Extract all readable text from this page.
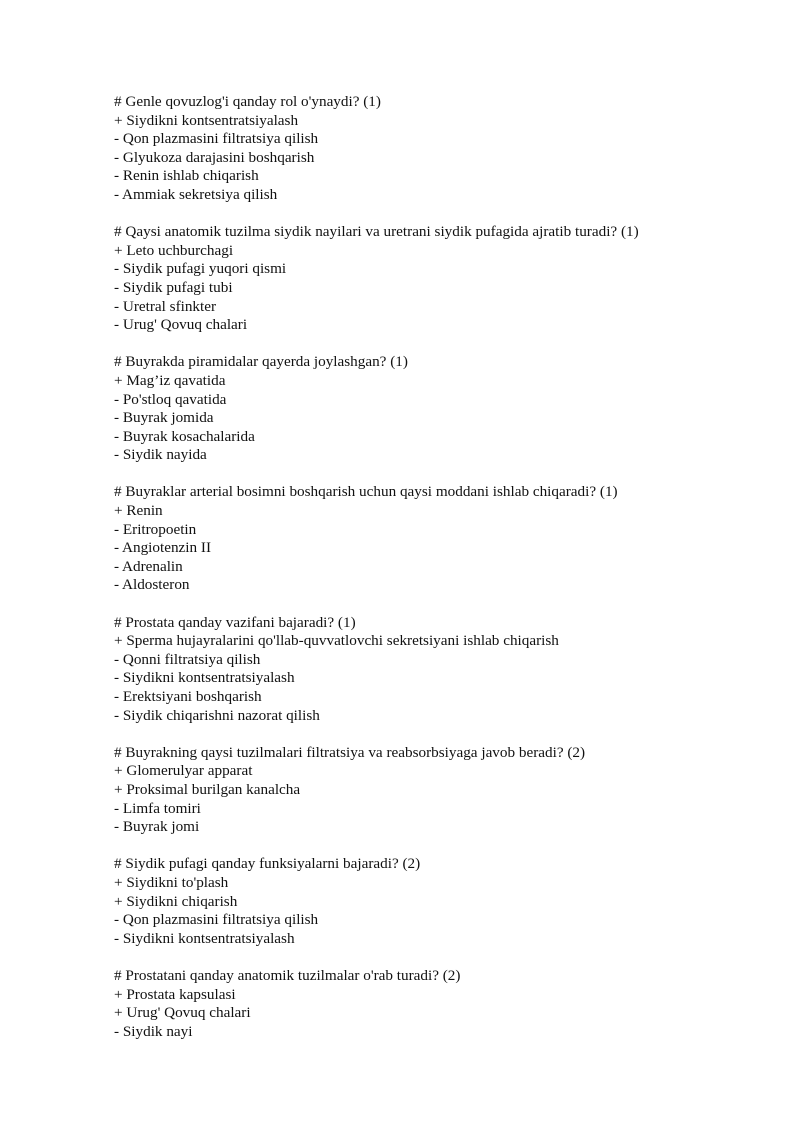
# Genle qovuzlog'i qanday rol o'ynaydi? (1)
+ Siydikni kontsentratsiyalash
- Qon plazmasini filtratsiya qilish
- Glyukoza darajasini boshqarish
- Renin ishlab chiqarish
- Ammiak sekretsiya qilish
# Qaysi anatomik tuzilma siydik nayilari va uretrani siydik pufagida ajratib turadi? (1)
+ Leto uchburchagi
- Siydik pufagi yuqori qismi
- Siydik pufagi tubi
- Uretral sfinkter
- Urug' Qovuq chalari
# Buyrakda piramidalar qayerda joylashgan? (1)
+ Mag’iz qavatida
- Po'stloq qavatida
- Buyrak jomida
- Buyrak kosachalarida
- Siydik nayida
# Buyraklar arterial bosimni boshqarish uchun qaysi moddani ishlab chiqaradi? (1)
+ Renin
- Eritropoetin
- Angiotenzin II
- Adrenalin
- Aldosteron
# Prostata qanday vazifani bajaradi? (1)
+ Sperma hujayralarini qo'llab-quvvatlovchi sekretsiyani ishlab chiqarish
- Qonni filtratsiya qilish
- Siydikni kontsentratsiyalash
- Erektsiyani boshqarish
- Siydik chiqarishni nazorat qilish
# Buyrakning qaysi tuzilmalari filtratsiya va reabsorbsiyaga javob beradi? (2)
+ Glomerulyar apparat
+ Proksimal burilgan kanalcha
- Limfa tomiri
- Buyrak jomi
# Siydik pufagi qanday funksiyalarni bajaradi? (2)
+ Siydikni to'plash
+ Siydikni chiqarish
- Qon plazmasini filtratsiya qilish
- Siydikni kontsentratsiyalash
# Prostatani qanday anatomik tuzilmalar o'rab turadi? (2)
+ Prostata kapsulasi
+ Urug' Qovuq chalari
- Siydik nayi
